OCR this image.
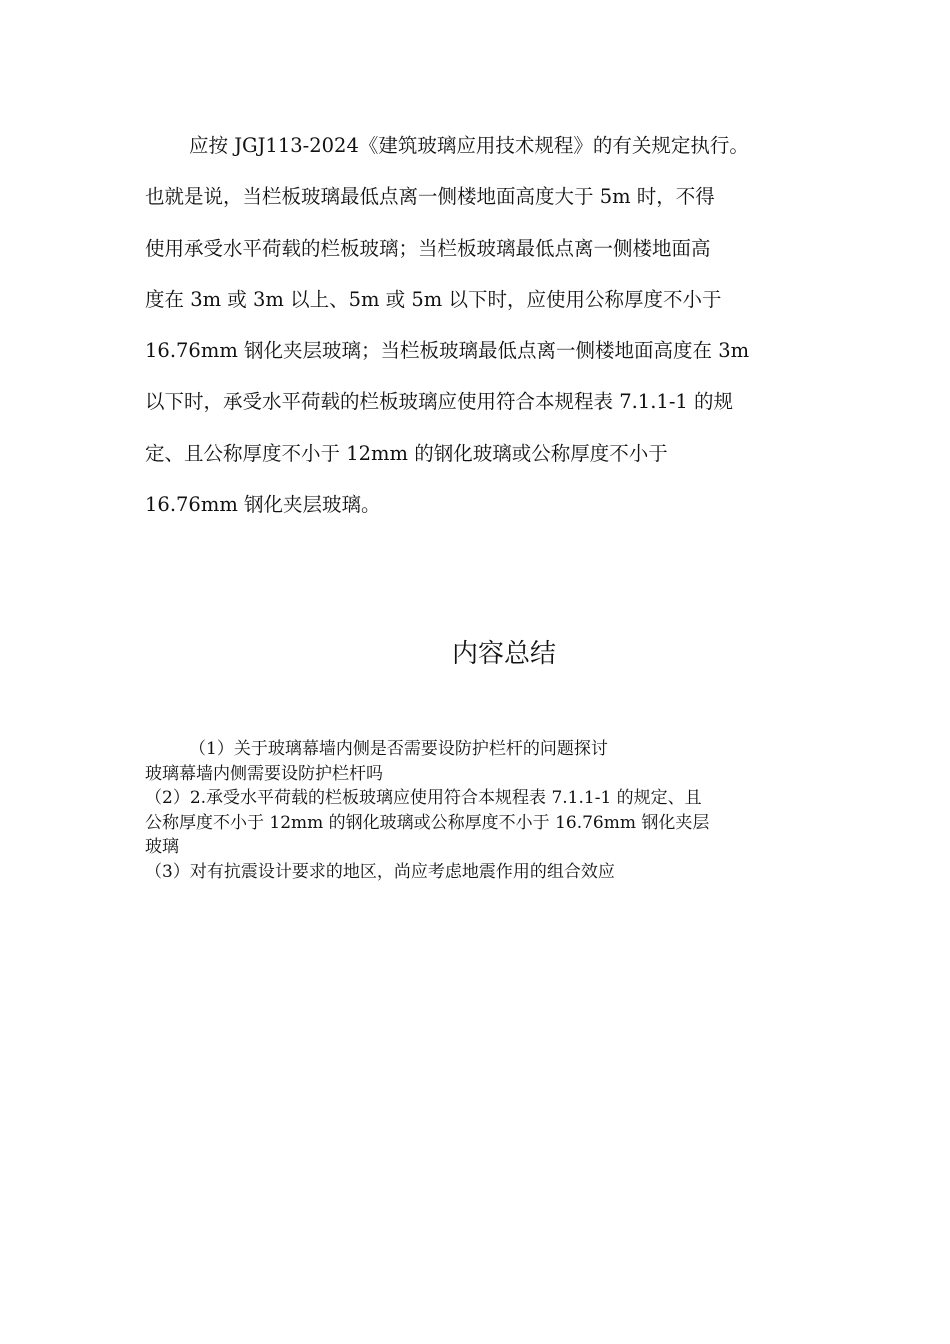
应按 JGJ113-2024《建筑玻璃应用技术规程》的有关规定执行。
也就是说，当栏板玻璃最低点离一侧楼地面高度大于 5m 时，不得
使用承受水平荷载的栏板玻璃；当栏板玻璃最低点离一侧楼地面高
度在 3m 或 3m 以上、5m 或 5m 以下时，应使用公称厚度不小于
16.76mm 钢化夹层玻璃；当栏板玻璃最低点离一侧楼地面高度在 3m
以下时，承受水平荷载的栏板玻璃应使用符合本规程表 7.1.1-1 的规
定、且公称厚度不小于 12mm 的钢化玻璃或公称厚度不小于
16.76mm 钢化夹层玻璃。
内容总结
（1）关于玻璃幕墙内侧是否需要设防护栏杆的问题探讨
玻璃幕墙内侧需要设防护栏杆吗
（2）2.承受水平荷载的栏板玻璃应使用符合本规程表 7.1.1-1 的规定、且
公称厚度不小于 12mm 的钢化玻璃或公称厚度不小于 16.76mm 钢化夹层
玻璃
（3）对有抗震设计要求的地区，尚应考虑地震作用的组合效应
